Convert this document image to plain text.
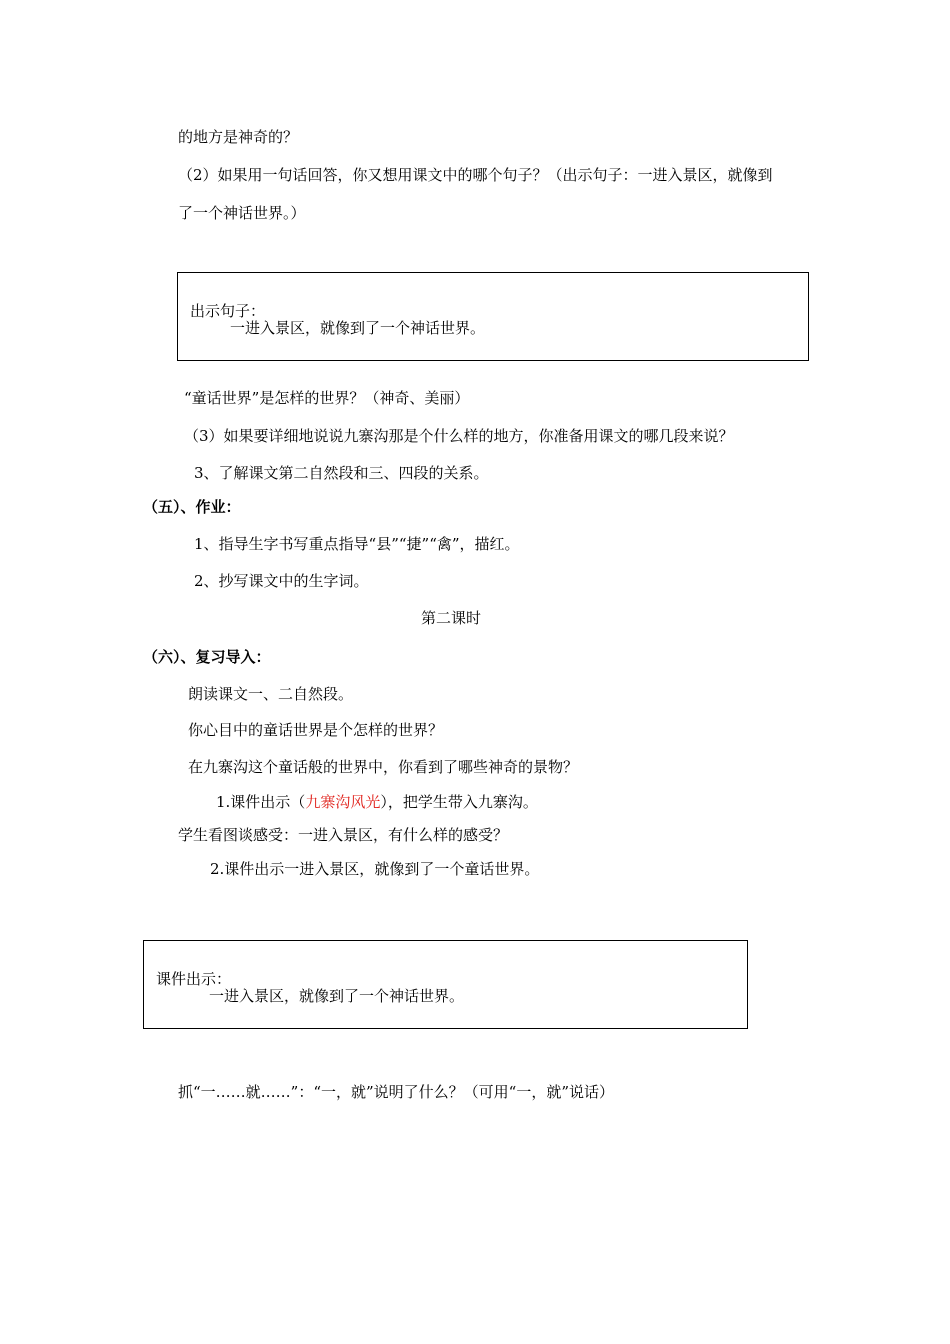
的地方是神奇的？
（2）如果用一句话回答，你又想用课文中的哪个句子？（出示句子：一进入景区，就像到
了一个神话世界。）
出示句子：
一进入景区，就像到了一个神话世界。
“童话世界”是怎样的世界？（神奇、美丽）
（3）如果要详细地说说九寨沟那是个什么样的地方，你准备用课文的哪几段来说？
3、了解课文第二自然段和三、四段的关系。
（五）、作业：
1、指导生字书写重点指导“县”“捷”“禽”，描红。
2、抄写课文中的生字词。
第二课时
（六）、复习导入：
朗读课文一、二自然段。
你心目中的童话世界是个怎样的世界？
在九寨沟这个童话般的世界中，你看到了哪些神奇的景物？
1.课件出示（九寨沟风光），把学生带入九寨沟。
学生看图谈感受：一进入景区，有什么样的感受？
2.课件出示一进入景区，就像到了一个童话世界。
课件出示：
一进入景区，就像到了一个神话世界。
抓“一……就……”：“一，就”说明了什么？（可用“一，就”说话）
